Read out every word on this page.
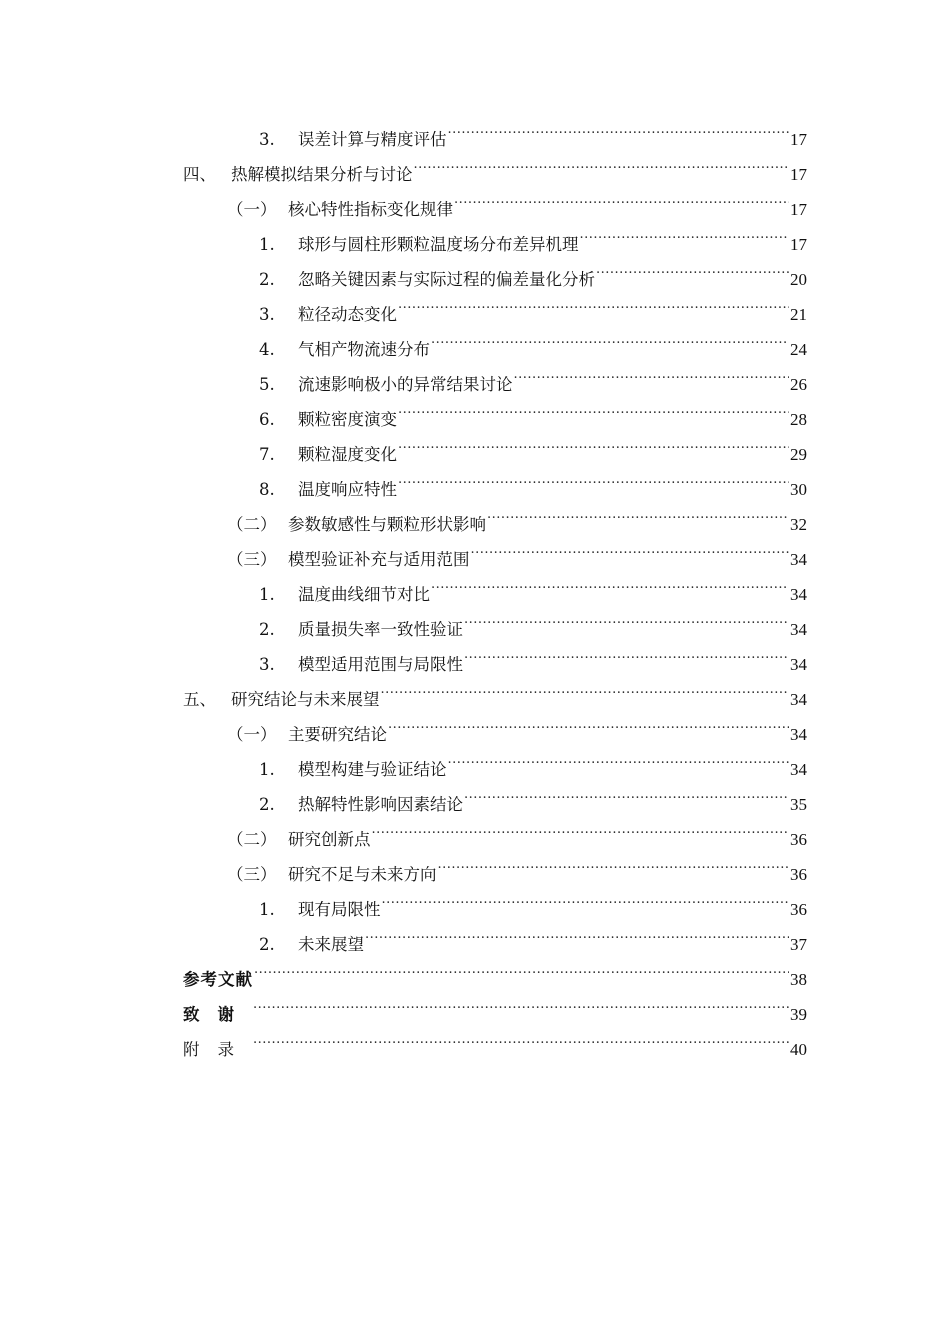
3.	误差计算与精度评估 .....	17
四、 热解模拟结果分析与讨论 .....	17
（一） 核心特性指标变化规律 .....	17
1.	球形与圆柱形颗粒温度场分布差异机理 .....	17
2.	忽略关键因素与实际过程的偏差量化分析 .....	20
3.	粒径动态变化 .....	21
4.	气相产物流速分布 .....	24
5.	流速影响极小的异常结果讨论 .....	26
6.	颗粒密度演变 .....	28
7.	颗粒湿度变化 .....	29
8.	温度响应特性 .....	30
（二） 参数敏感性与颗粒形状影响 .....	32
（三） 模型验证补充与适用范围 .....	34
1.	温度曲线细节对比 .....	34
2.	质量损失率一致性验证 .....	34
3.	模型适用范围与局限性 .....	34
五、 研究结论与未来展望 .....	34
（一） 主要研究结论 .....	34
1.	模型构建与验证结论 .....	34
2.	热解特性影响因素结论 .....	35
（二） 研究创新点 .....	36
（三） 研究不足与未来方向 .....	36
1.	现有局限性 .....	36
2.	未来展望 .....	37
参考文献 .....	38
致谢 .....	39
附录 .....	40
